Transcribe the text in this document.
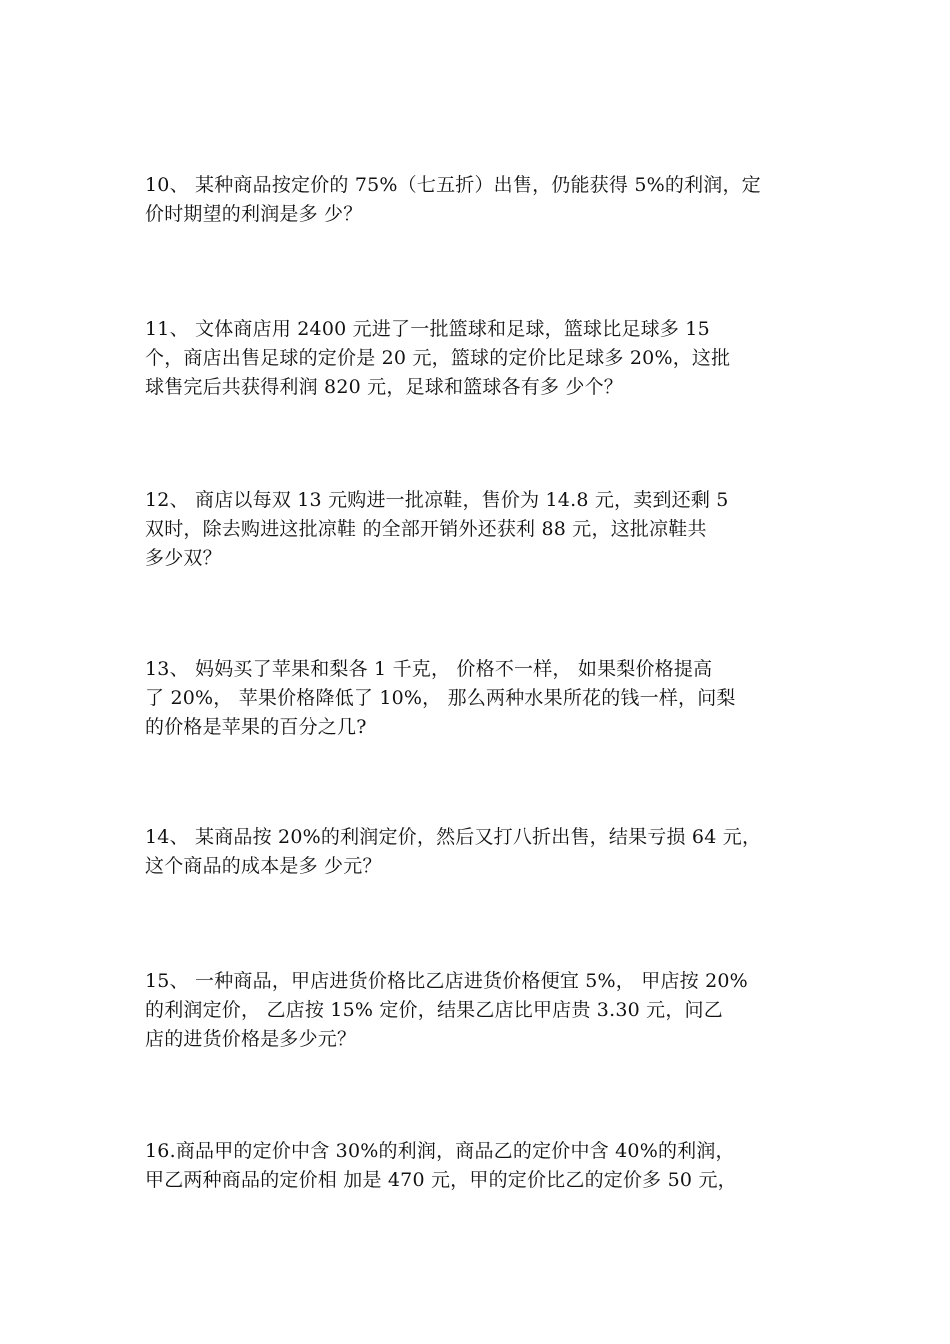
10、 某种商品按定价的 75%（七五折）出售，仍能获得 5%的利润，定
价时期望的利润是多 少？
11、 文体商店用 2400 元进了一批篮球和足球，篮球比足球多 15
个，商店出售足球的定价是 20 元，篮球的定价比足球多 20%，这批
球售完后共获得利润 820 元，足球和篮球各有多 少个？
12、 商店以每双 13 元购进一批凉鞋，售价为 14.8 元，卖到还剩 5
双时，除去购进这批凉鞋 的全部开销外还获利 88 元，这批凉鞋共
多少双？
13、 妈妈买了苹果和梨各 1 千克， 价格不一样， 如果梨价格提高
了 20%， 苹果价格降低了 10%， 那么两种水果所花的钱一样，问梨
的价格是苹果的百分之几?
14、 某商品按 20%的利润定价，然后又打八折出售，结果亏损 64 元，
这个商品的成本是多 少元？
15、 一种商品，甲店进货价格比乙店进货价格便宜 5%， 甲店按 20%
的利润定价， 乙店按 15% 定价，结果乙店比甲店贵 3.30 元，问乙
店的进货价格是多少元？
16.商品甲的定价中含 30%的利润，商品乙的定价中含 40%的利润，
甲乙两种商品的定价相 加是 470 元，甲的定价比乙的定价多 50 元，
